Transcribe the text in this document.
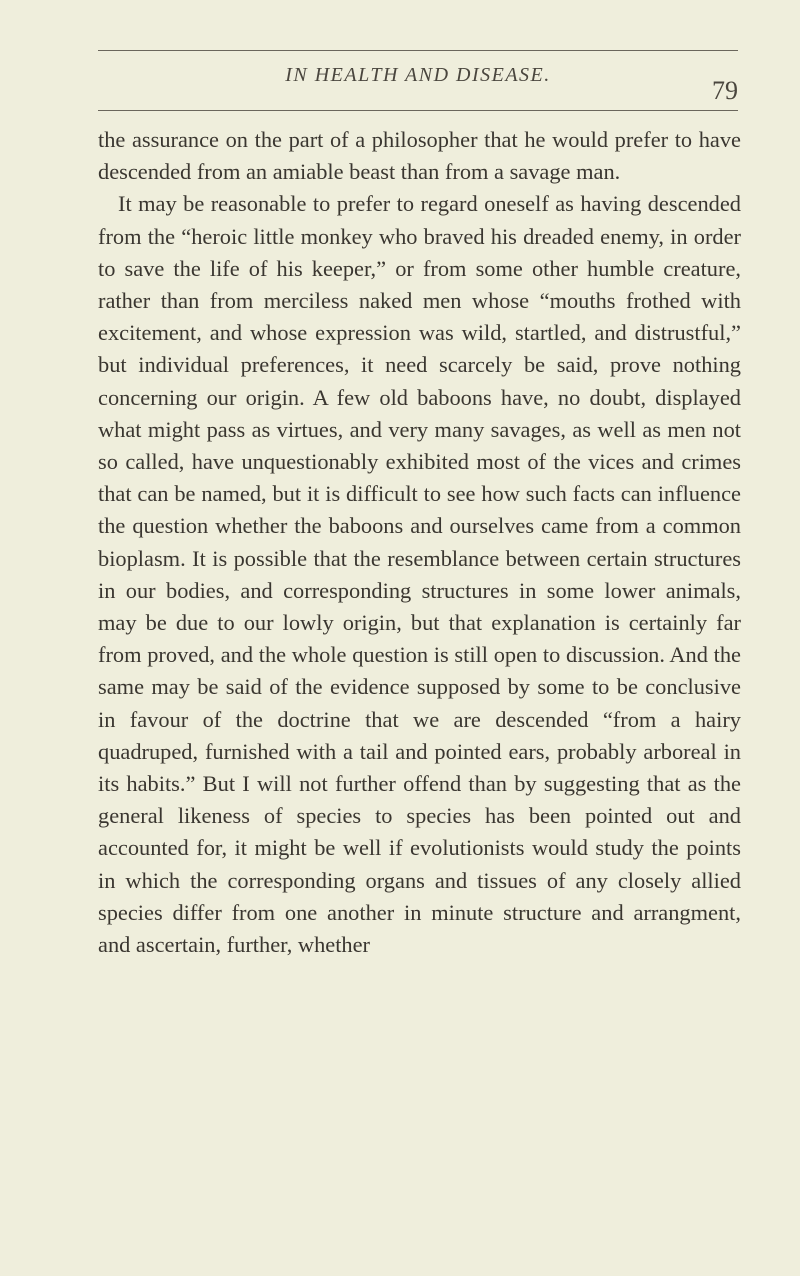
IN HEALTH AND DISEASE.
79

the assurance on the part of a philosopher that he would prefer to have descended from an amiable beast than from a savage man.

It may be reasonable to prefer to regard oneself as having descended from the “heroic little monkey who braved his dreaded enemy, in order to save the life of his keeper,” or from some other humble creature, rather than from merciless naked men whose “mouths frothed with excitement, and whose expression was wild, startled, and distrustful,” but individual preferences, it need scarcely be said, prove nothing concerning our origin. A few old baboons have, no doubt, displayed what might pass as virtues, and very many savages, as well as men not so called, have unquestionably exhibited most of the vices and crimes that can be named, but it is difficult to see how such facts can influence the question whether the baboons and ourselves came from a common bioplasm. It is possible that the resemblance between certain structures in our bodies, and corresponding structures in some lower animals, may be due to our lowly origin, but that explanation is certainly far from proved, and the whole question is still open to discussion. And the same may be said of the evidence supposed by some to be conclusive in favour of the doctrine that we are descended “from a hairy quadruped, furnished with a tail and pointed ears, probably arboreal in its habits.” But I will not further offend than by suggesting that as the general likeness of species to species has been pointed out and accounted for, it might be well if evolutionists would study the points in which the corresponding organs and tissues of any closely allied species differ from one another in minute structure and arrangment, and ascertain, further, whether
